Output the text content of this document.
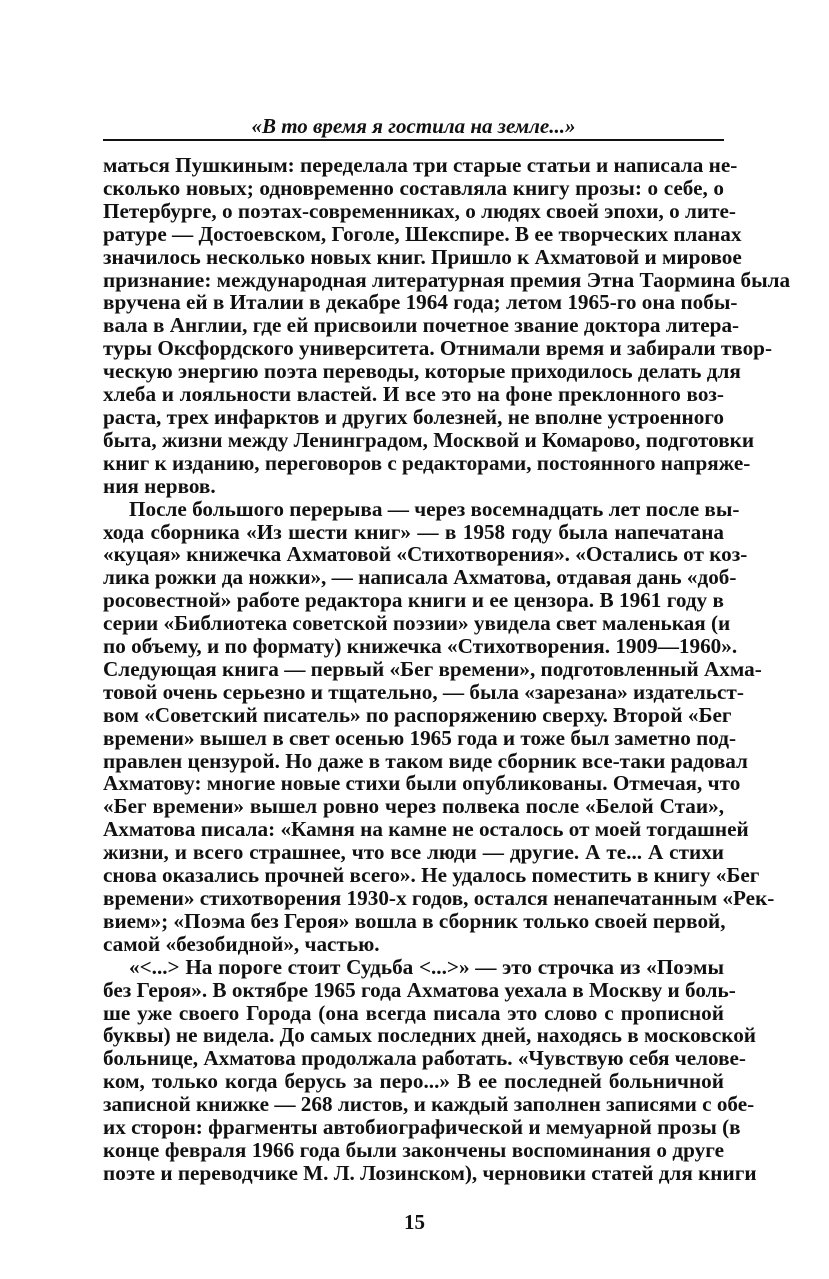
«В то время я гостила на земле...»
маться Пушкиным: переделала три старые статьи и написала не-
сколько новых; одновременно составляла книгу прозы: о себе, о
Петербурге, о поэтах-современниках, о людях своей эпохи, о лите-
ратуре — Достоевском, Гоголе, Шекспире. В ее творческих планах
значилось несколько новых книг. Пришло к Ахматовой и мировое
признание: международная литературная премия Этна Таормина была
вручена ей в Италии в декабре 1964 года; летом 1965-го она побы-
вала в Англии, где ей присвоили почетное звание доктора литера-
туры Оксфордского университета. Отнимали время и забирали твор-
ческую энергию поэта переводы, которые приходилось делать для
хлеба и лояльности властей. И все это на фоне преклонного воз-
раста, трех инфарктов и других болезней, не вполне устроенного
быта, жизни между Ленинградом, Москвой и Комарово, подготовки
книг к изданию, переговоров с редакторами, постоянного напряже-
ния нервов.
После большого перерыва — через восемнадцать лет после вы-
хода сборника «Из шести книг» — в 1958 году была напечатана
«куцая» книжечка Ахматовой «Стихотворения». «Остались от коз-
лика рожки да ножки», — написала Ахматова, отдавая дань «доб-
росовестной» работе редактора книги и ее цензора. В 1961 году в
серии «Библиотека советской поэзии» увидела свет маленькая (и
по объему, и по формату) книжечка «Стихотворения. 1909—1960».
Следующая книга — первый «Бег времени», подготовленный Ахма-
товой очень серьезно и тщательно, — была «зарезана» издательст-
вом «Советский писатель» по распоряжению сверху. Второй «Бег
времени» вышел в свет осенью 1965 года и тоже был заметно под-
правлен цензурой. Но даже в таком виде сборник все-таки радовал
Ахматову: многие новые стихи были опубликованы. Отмечая, что
«Бег времени» вышел ровно через полвека после «Белой Стаи»,
Ахматова писала: «Камня на камне не осталось от моей тогдашней
жизни, и всего страшнее, что все люди — другие. А те... А стихи
снова оказались прочней всего». Не удалось поместить в книгу «Бег
времени» стихотворения 1930-х годов, остался ненапечатанным «Рек-
вием»; «Поэма без Героя» вошла в сборник только своей первой,
самой «безобидной», частью.
«<...> На пороге стоит Судьба <...>» — это строчка из «Поэмы
без Героя». В октябре 1965 года Ахматова уехала в Москву и боль-
ше уже своего Города (она всегда писала это слово с прописной
буквы) не видела. До самых последних дней, находясь в московской
больнице, Ахматова продолжала работать. «Чувствую себя челове-
ком, только когда берусь за перо...» В ее последней больничной
записной книжке — 268 листов, и каждый заполнен записями с обе-
их сторон: фрагменты автобиографической и мемуарной прозы (в
конце февраля 1966 года были закончены воспоминания о друге
поэте и переводчике М. Л. Лозинском), черновики статей для книги
15
